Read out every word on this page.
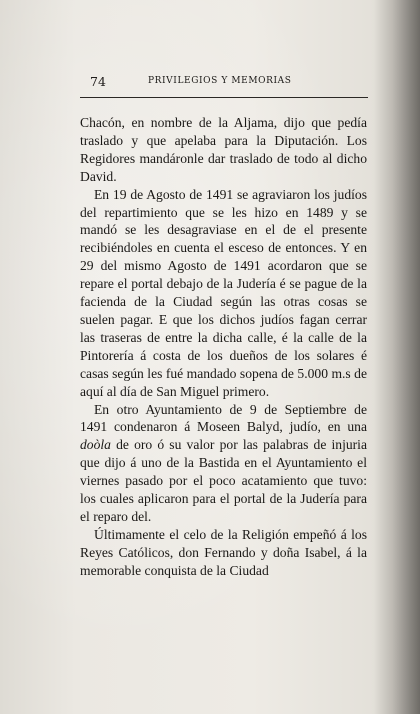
74	PRIVILEGIOS Y MEMORIAS

Chacón, en nombre de la Aljama, dijo que pedía traslado y que apelaba para la Diputación. Los Regidores mandáronle dar traslado de todo al dicho David.

En 19 de Agosto de 1491 se agraviaron los judíos del repartimiento que se les hizo en 1489 y se mandó se les desagraviase en el de el presente recibiéndoles en cuenta el esceso de entonces. Y en 29 del mismo Agosto de 1491 acordaron que se repare el portal debajo de la Judería é se pague de la facienda de la Ciudad según las otras cosas se suelen pagar. E que los dichos judíos fagan cerrar las traseras de entre la dicha calle, é la calle de la Pintorería á costa de los dueños de los solares é casas según les fué mandado sopena de 5.000 m.s de aquí al día de San Miguel primero.

En otro Ayuntamiento de 9 de Septiembre de 1491 condenaron á Moseen Balyd, judío, en una doòla de oro ó su valor por las palabras de injuria que dijo á uno de la Bastida en el Ayuntamiento el viernes pasado por el poco acatamiento que tuvo: los cuales aplicaron para el portal de la Judería para el reparo del.

Últimamente el celo de la Religión empeñó á los Reyes Católicos, don Fernando y doña Isabel, á la memorable conquista de la Ciudad
